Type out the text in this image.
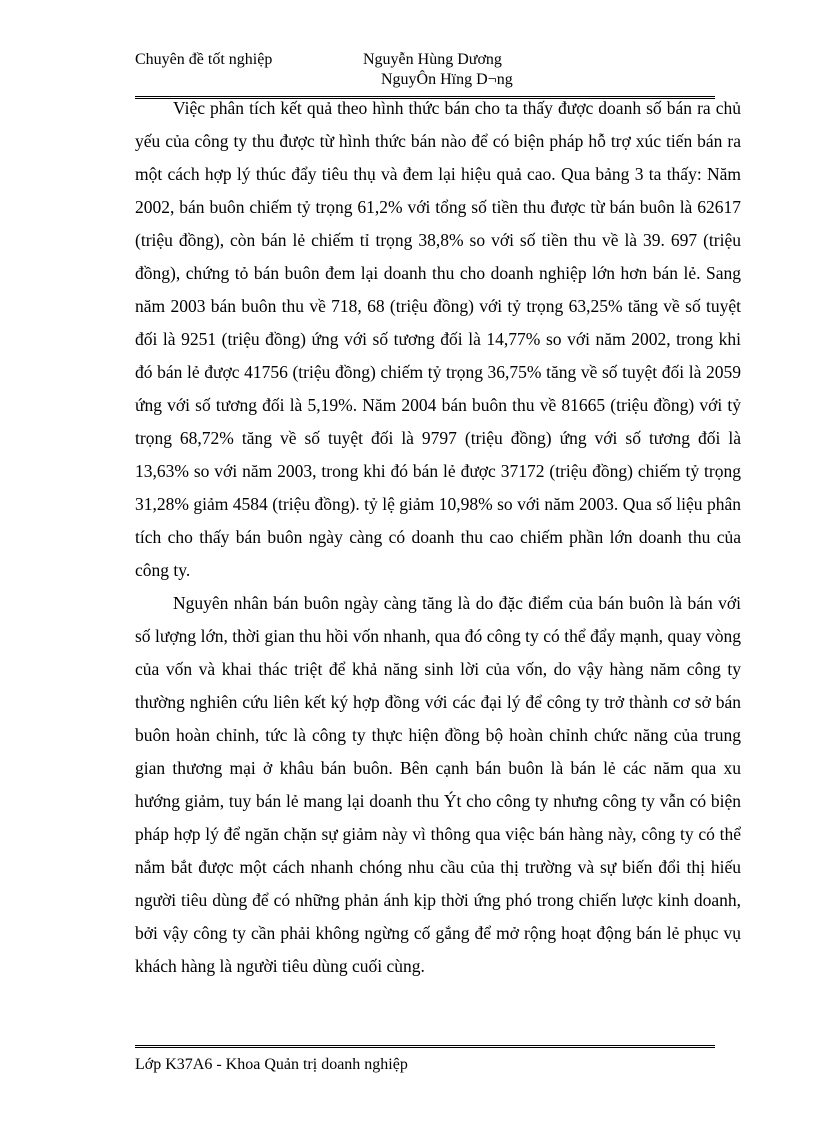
Chuyên đề tốt nghiệp	Nguyễn Hùng Dương
NguyÔn Hïng D¬ng

Việc phân tích kết quả theo hình thức bán cho ta thấy được doanh số bán ra chủ yếu của công ty thu được từ hình thức bán nào để có biện pháp hỗ trợ xúc tiến bán ra một cách hợp lý thúc đẩy tiêu thụ và đem lại hiệu quả cao. Qua bảng 3 ta thấy: Năm 2002, bán buôn chiếm tỷ trọng 61,2% với tổng số tiền thu được từ bán buôn là 62617 (triệu đồng), còn bán lẻ chiếm tỉ trọng 38,8% so với số tiền thu về là 39. 697 (triệu đồng), chứng tỏ bán buôn đem lại doanh thu cho doanh nghiệp lớn hơn bán lẻ. Sang năm 2003 bán buôn thu về 718, 68 (triệu đồng) với tỷ trọng 63,25% tăng về số tuyệt đối là 9251 (triệu đồng) ứng với số tương đối là 14,77% so với năm 2002, trong khi đó bán lẻ được 41756 (triệu đồng) chiếm tỷ trọng 36,75% tăng về số tuyệt đối là 2059 ứng với số tương đối là 5,19%. Năm 2004 bán buôn thu về 81665 (triệu đồng) với tỷ trọng 68,72% tăng về số tuyệt đối là 9797 (triệu đồng) ứng với số tương đối là 13,63% so với năm 2003, trong khi đó bán lẻ được 37172 (triệu đồng) chiếm tỷ trọng 31,28% giảm 4584 (triệu đồng). tỷ lệ giảm 10,98% so với năm 2003. Qua số liệu phân tích cho thấy bán buôn ngày càng có doanh thu cao chiếm phần lớn doanh thu của công ty.

Nguyên nhân bán buôn ngày càng tăng là do đặc điểm của bán buôn là bán với số lượng lớn, thời gian thu hồi vốn nhanh, qua đó công ty có thể đẩy mạnh, quay vòng của vốn và khai thác triệt để khả năng sinh lời của vốn, do vậy hàng năm công ty thường nghiên cứu liên kết ký hợp đồng với các đại lý để công ty trở thành cơ sở bán buôn hoàn chỉnh, tức là công ty thực hiện đồng bộ hoàn chỉnh chức năng của trung gian thương mại ở khâu bán buôn. Bên cạnh bán buôn là bán lẻ các năm qua xu hướng giảm, tuy bán lẻ mang lại doanh thu Ýt cho công ty nhưng công ty vẫn có biện pháp hợp lý để ngăn chặn sự giảm này vì thông qua việc bán hàng này, công ty có thể nắm bắt được một cách nhanh chóng nhu cầu của thị trường và sự biến đổi thị hiếu người tiêu dùng để có những phản ánh kịp thời ứng phó trong chiến lược kinh doanh, bởi vậy công ty cần phải không ngừng cố gắng để mở rộng hoạt động bán lẻ phục vụ khách hàng là người tiêu dùng cuối cùng.

Lớp K37A6 - Khoa Quản trị doanh nghiệp
